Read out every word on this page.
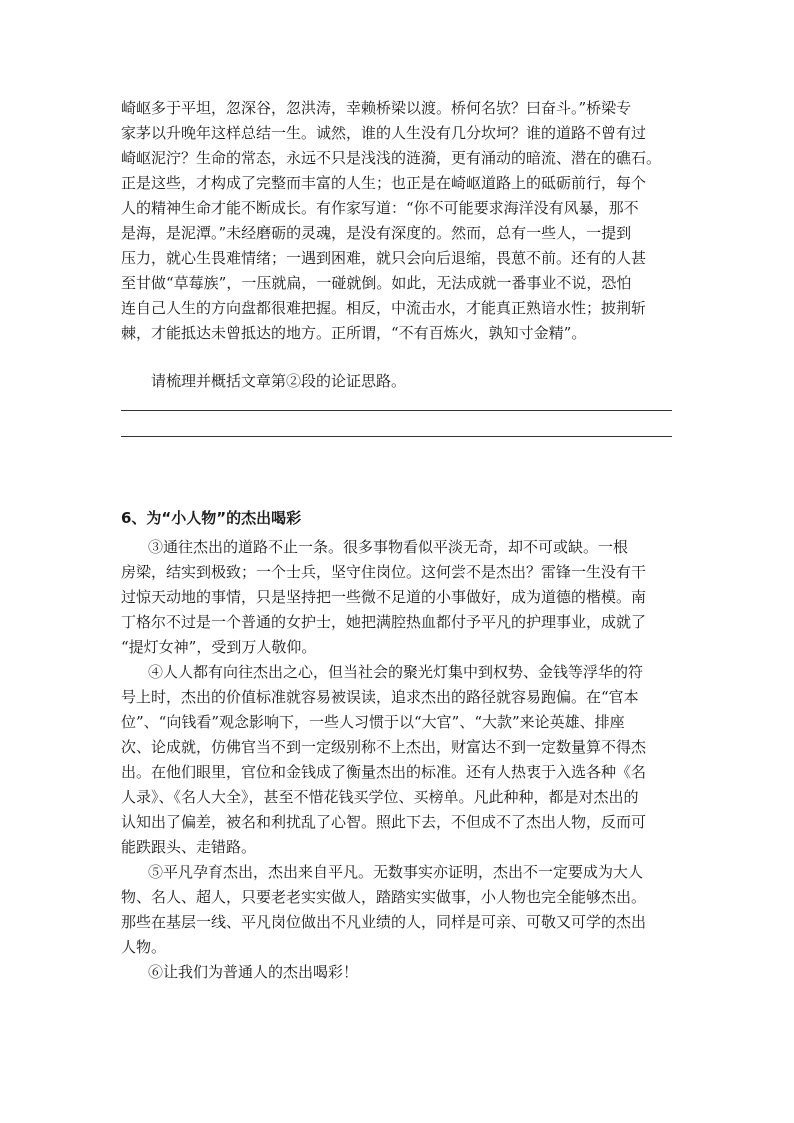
崎岖多于平坦，忽深谷，忽洪涛，幸赖桥梁以渡。桥何名欤？曰奋斗。”桥梁专
家茅以升晚年这样总结一生。诚然，谁的人生没有几分坎坷？谁的道路不曾有过
崎岖泥泞？生命的常态，永远不只是浅浅的涟漪，更有涌动的暗流、潜在的礁石。
正是这些，才构成了完整而丰富的人生；也正是在崎岖道路上的砥砺前行，每个
人的精神生命才能不断成长。有作家写道：“你不可能要求海洋没有风暴，那不
是海，是泥潭。”未经磨砺的灵魂，是没有深度的。然而，总有一些人，一提到
压力，就心生畏难情绪；一遇到困难，就只会向后退缩，畏葸不前。还有的人甚
至甘做“草莓族”，一压就扁，一碰就倒。如此，无法成就一番事业不说，恐怕
连自己人生的方向盘都很难把握。相反，中流击水，才能真正熟谙水性；披荆斩
棘，才能抵达未曾抵达的地方。正所谓，“不有百炼火，孰知寸金精”。
请梳理并概括文章第②段的论证思路。
6、为“小人物”的杰出喝彩
③通往杰出的道路不止一条。很多事物看似平淡无奇，却不可或缺。一根
房梁，结实到极致；一个士兵，坚守住岗位。这何尝不是杰出？雷锋一生没有干
过惊天动地的事情，只是坚持把一些微不足道的小事做好，成为道德的楷模。南
丁格尔不过是一个普通的女护士，她把满腔热血都付予平凡的护理事业，成就了
“提灯女神”，受到万人敬仰。
④人人都有向往杰出之心，但当社会的聚光灯集中到权势、金钱等浮华的符
号上时，杰出的价值标准就容易被误读，追求杰出的路径就容易跑偏。在“官本
位”、“向钱看”观念影响下，一些人习惯于以“大官”、“大款”来论英雄、排座
次、论成就，仿佛官当不到一定级别称不上杰出，财富达不到一定数量算不得杰
出。在他们眼里，官位和金钱成了衡量杰出的标准。还有人热衷于入选各种《名
人录》、《名人大全》，甚至不惜花钱买学位、买榜单。凡此种种，都是对杰出的
认知出了偏差，被名和利扰乱了心智。照此下去，不但成不了杰出人物，反而可
能跌跟头、走错路。
⑤平凡孕育杰出，杰出来自平凡。无数事实亦证明，杰出不一定要成为大人
物、名人、超人，只要老老实实做人，踏踏实实做事，小人物也完全能够杰出。
那些在基层一线、平凡岗位做出不凡业绩的人，同样是可亲、可敬又可学的杰出
人物。
⑥让我们为普通人的杰出喝彩！
